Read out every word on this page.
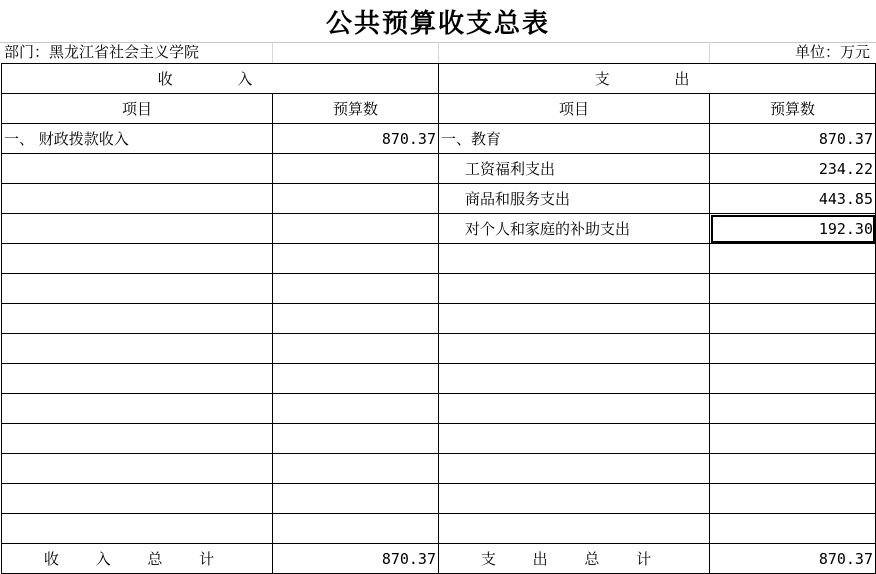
公共预算收支总表
部门：黑龙江省社会主义学院	单位：万元
收 入		支 出	
项目	预算数	项目	预算数
一、 财政拨款收入	870.37	一、教育	870.37
		工资福利支出	234.22
		商品和服务支出	443.85
		对个人和家庭的补助支出	192.30

收 入 总 计	870.37	支 出 总 计	870.37
